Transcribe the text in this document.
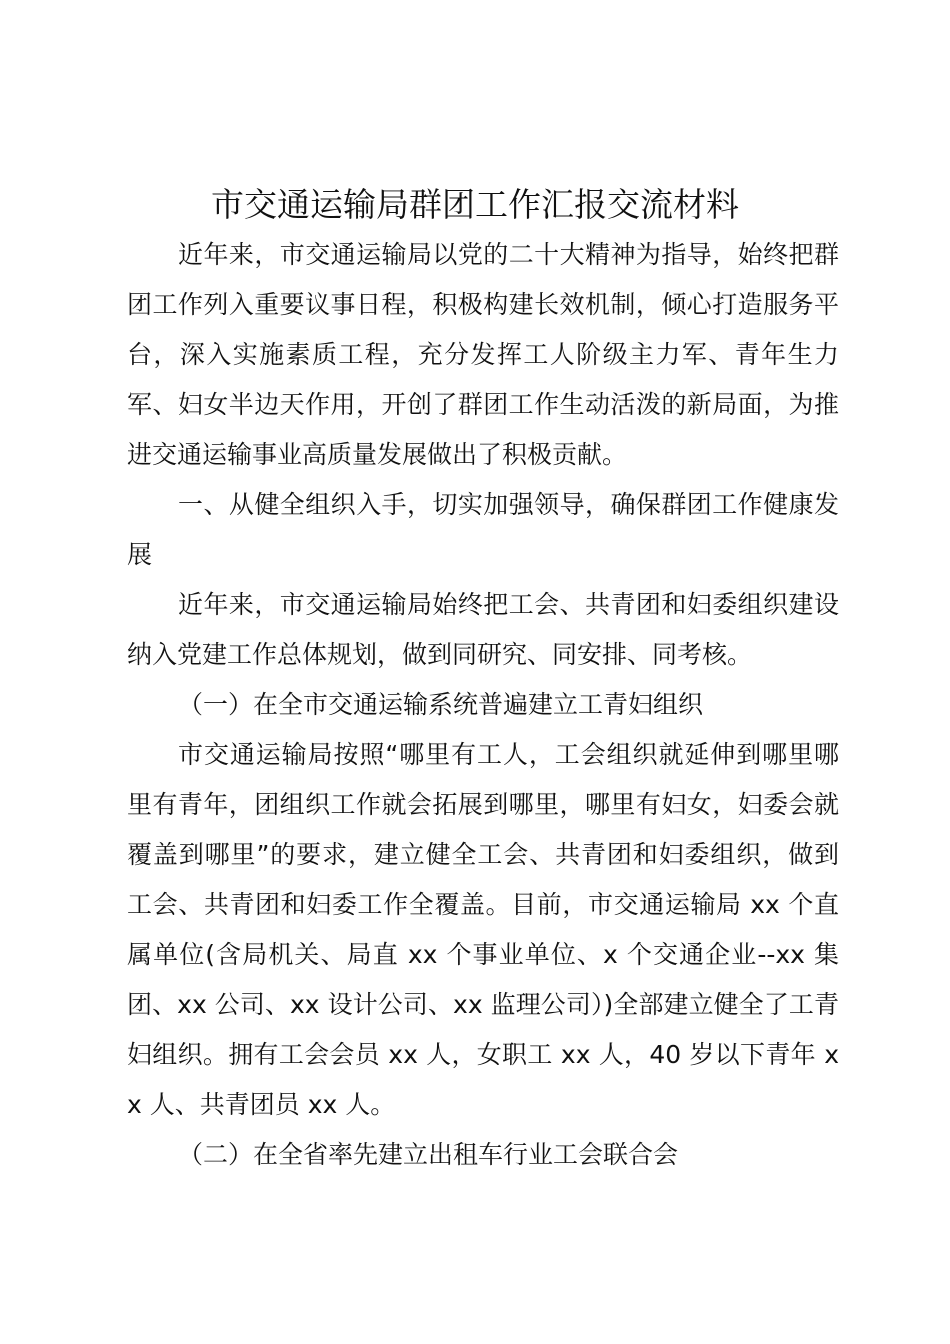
市交通运输局群团工作汇报交流材料

近年来，市交通运输局以党的二十大精神为指导，始终把群团工作列入重要议事日程，积极构建长效机制，倾心打造服务平台，深入实施素质工程，充分发挥工人阶级主力军、青年生力军、妇女半边天作用，开创了群团工作生动活泼的新局面，为推进交通运输事业高质量发展做出了积极贡献。

一、从健全组织入手，切实加强领导，确保群团工作健康发展

近年来，市交通运输局始终把工会、共青团和妇委组织建设纳入党建工作总体规划，做到同研究、同安排、同考核。

（一）在全市交通运输系统普遍建立工青妇组织

市交通运输局按照“哪里有工人，工会组织就延伸到哪里哪里有青年，团组织工作就会拓展到哪里，哪里有妇女，妇委会就覆盖到哪里”的要求，建立健全工会、共青团和妇委组织，做到工会、共青团和妇委工作全覆盖。目前，市交通运输局 xx 个直属单位(含局机关、局直 xx 个事业单位、x 个交通企业--xx 集团、xx 公司、xx 设计公司、xx 监理公司）)全部建立健全了工青妇组织。拥有工会会员 xx 人，女职工 xx 人，40 岁以下青年 xx 人、共青团员 xx 人。

（二）在全省率先建立出租车行业工会联合会
